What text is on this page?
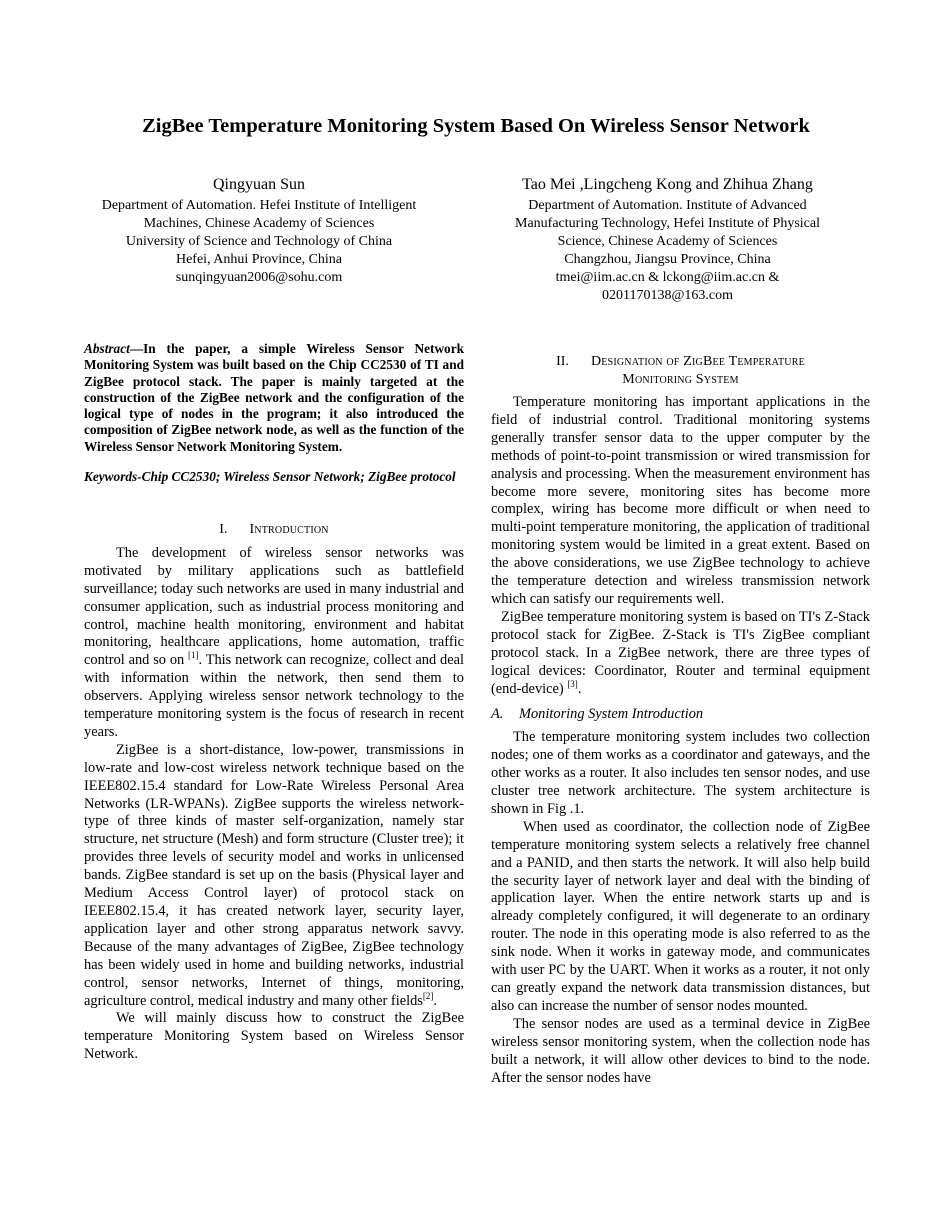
ZigBee Temperature Monitoring System Based On Wireless Sensor Network
Qingyuan Sun
Department of Automation. Hefei Institute of Intelligent
Machines, Chinese Academy of Sciences
University of Science and Technology of China
Hefei, Anhui Province, China
sunqingyuan2006@sohu.com
Tao Mei ,Lingcheng Kong and Zhihua Zhang
Department of Automation. Institute of Advanced
Manufacturing Technology, Hefei Institute of Physical
Science, Chinese Academy of Sciences
Changzhou, Jiangsu Province, China
tmei@iim.ac.cn & lckong@iim.ac.cn &
0201170138@163.com

Abstract—In the paper, a simple Wireless Sensor Network Monitoring System was built based on the Chip CC2530 of TI and ZigBee protocol stack. The paper is mainly targeted at the construction of the ZigBee network and the configuration of the logical type of nodes in the program; it also introduced the composition of ZigBee network node, as well as the function of the Wireless Sensor Network Monitoring System.

Keywords-Chip CC2530; Wireless Sensor Network; ZigBee protocol

I. Introduction

The development of wireless sensor networks was motivated by military applications such as battlefield surveillance; today such networks are used in many industrial and consumer application, such as industrial process monitoring and control, machine health monitoring, environment and habitat monitoring, healthcare applications, home automation, traffic control and so on [1]. This network can recognize, collect and deal with information within the network, then send them to observers. Applying wireless sensor network technology to the temperature monitoring system is the focus of research in recent years.

ZigBee is a short-distance, low-power, transmissions in low-rate and low-cost wireless network technique based on the IEEE802.15.4 standard for Low-Rate Wireless Personal Area Networks (LR-WPANs). ZigBee supports the wireless network-type of three kinds of master self-organization, namely star structure, net structure (Mesh) and form structure (Cluster tree); it provides three levels of security model and works in unlicensed bands. ZigBee standard is set up on the basis (Physical layer and Medium Access Control layer) of protocol stack on IEEE802.15.4, it has created network layer, security layer, application layer and other strong apparatus network savvy. Because of the many advantages of ZigBee, ZigBee technology has been widely used in home and building networks, industrial control, sensor networks, Internet of things, monitoring, agriculture control, medical industry and many other fields[2].

We will mainly discuss how to construct the ZigBee temperature Monitoring System based on Wireless Sensor Network.

II. Designation of ZigBee Temperature
Monitoring System

Temperature monitoring has important applications in the field of industrial control. Traditional monitoring systems generally transfer sensor data to the upper computer by the methods of point-to-point transmission or wired transmission for analysis and processing. When the measurement environment has become more severe, monitoring sites has become more complex, wiring has become more difficult or when need to multi-point temperature monitoring, the application of traditional monitoring system would be limited in a great extent. Based on the above considerations, we use ZigBee technology to achieve the temperature detection and wireless transmission network which can satisfy our requirements well.

ZigBee temperature monitoring system is based on TI's Z-Stack protocol stack for ZigBee. Z-Stack is TI's ZigBee compliant protocol stack. In a ZigBee network, there are three types of logical devices: Coordinator, Router and terminal equipment (end-device) [3].

A. Monitoring System Introduction

The temperature monitoring system includes two collection nodes; one of them works as a coordinator and gateways, and the other works as a router. It also includes ten sensor nodes, and use cluster tree network architecture. The system architecture is shown in Fig .1.

When used as coordinator, the collection node of ZigBee temperature monitoring system selects a relatively free channel and a PANID, and then starts the network. It will also help build the security layer of network layer and deal with the binding of application layer. When the entire network starts up and is already completely configured, it will degenerate to an ordinary router. The node in this operating mode is also referred to as the sink node. When it works in gateway mode, and communicates with user PC by the UART. When it works as a router, it not only can greatly expand the network data transmission distances, but also can increase the number of sensor nodes mounted.

The sensor nodes are used as a terminal device in ZigBee wireless sensor monitoring system, when the collection node has built a network, it will allow other devices to bind to the node. After the sensor nodes have
